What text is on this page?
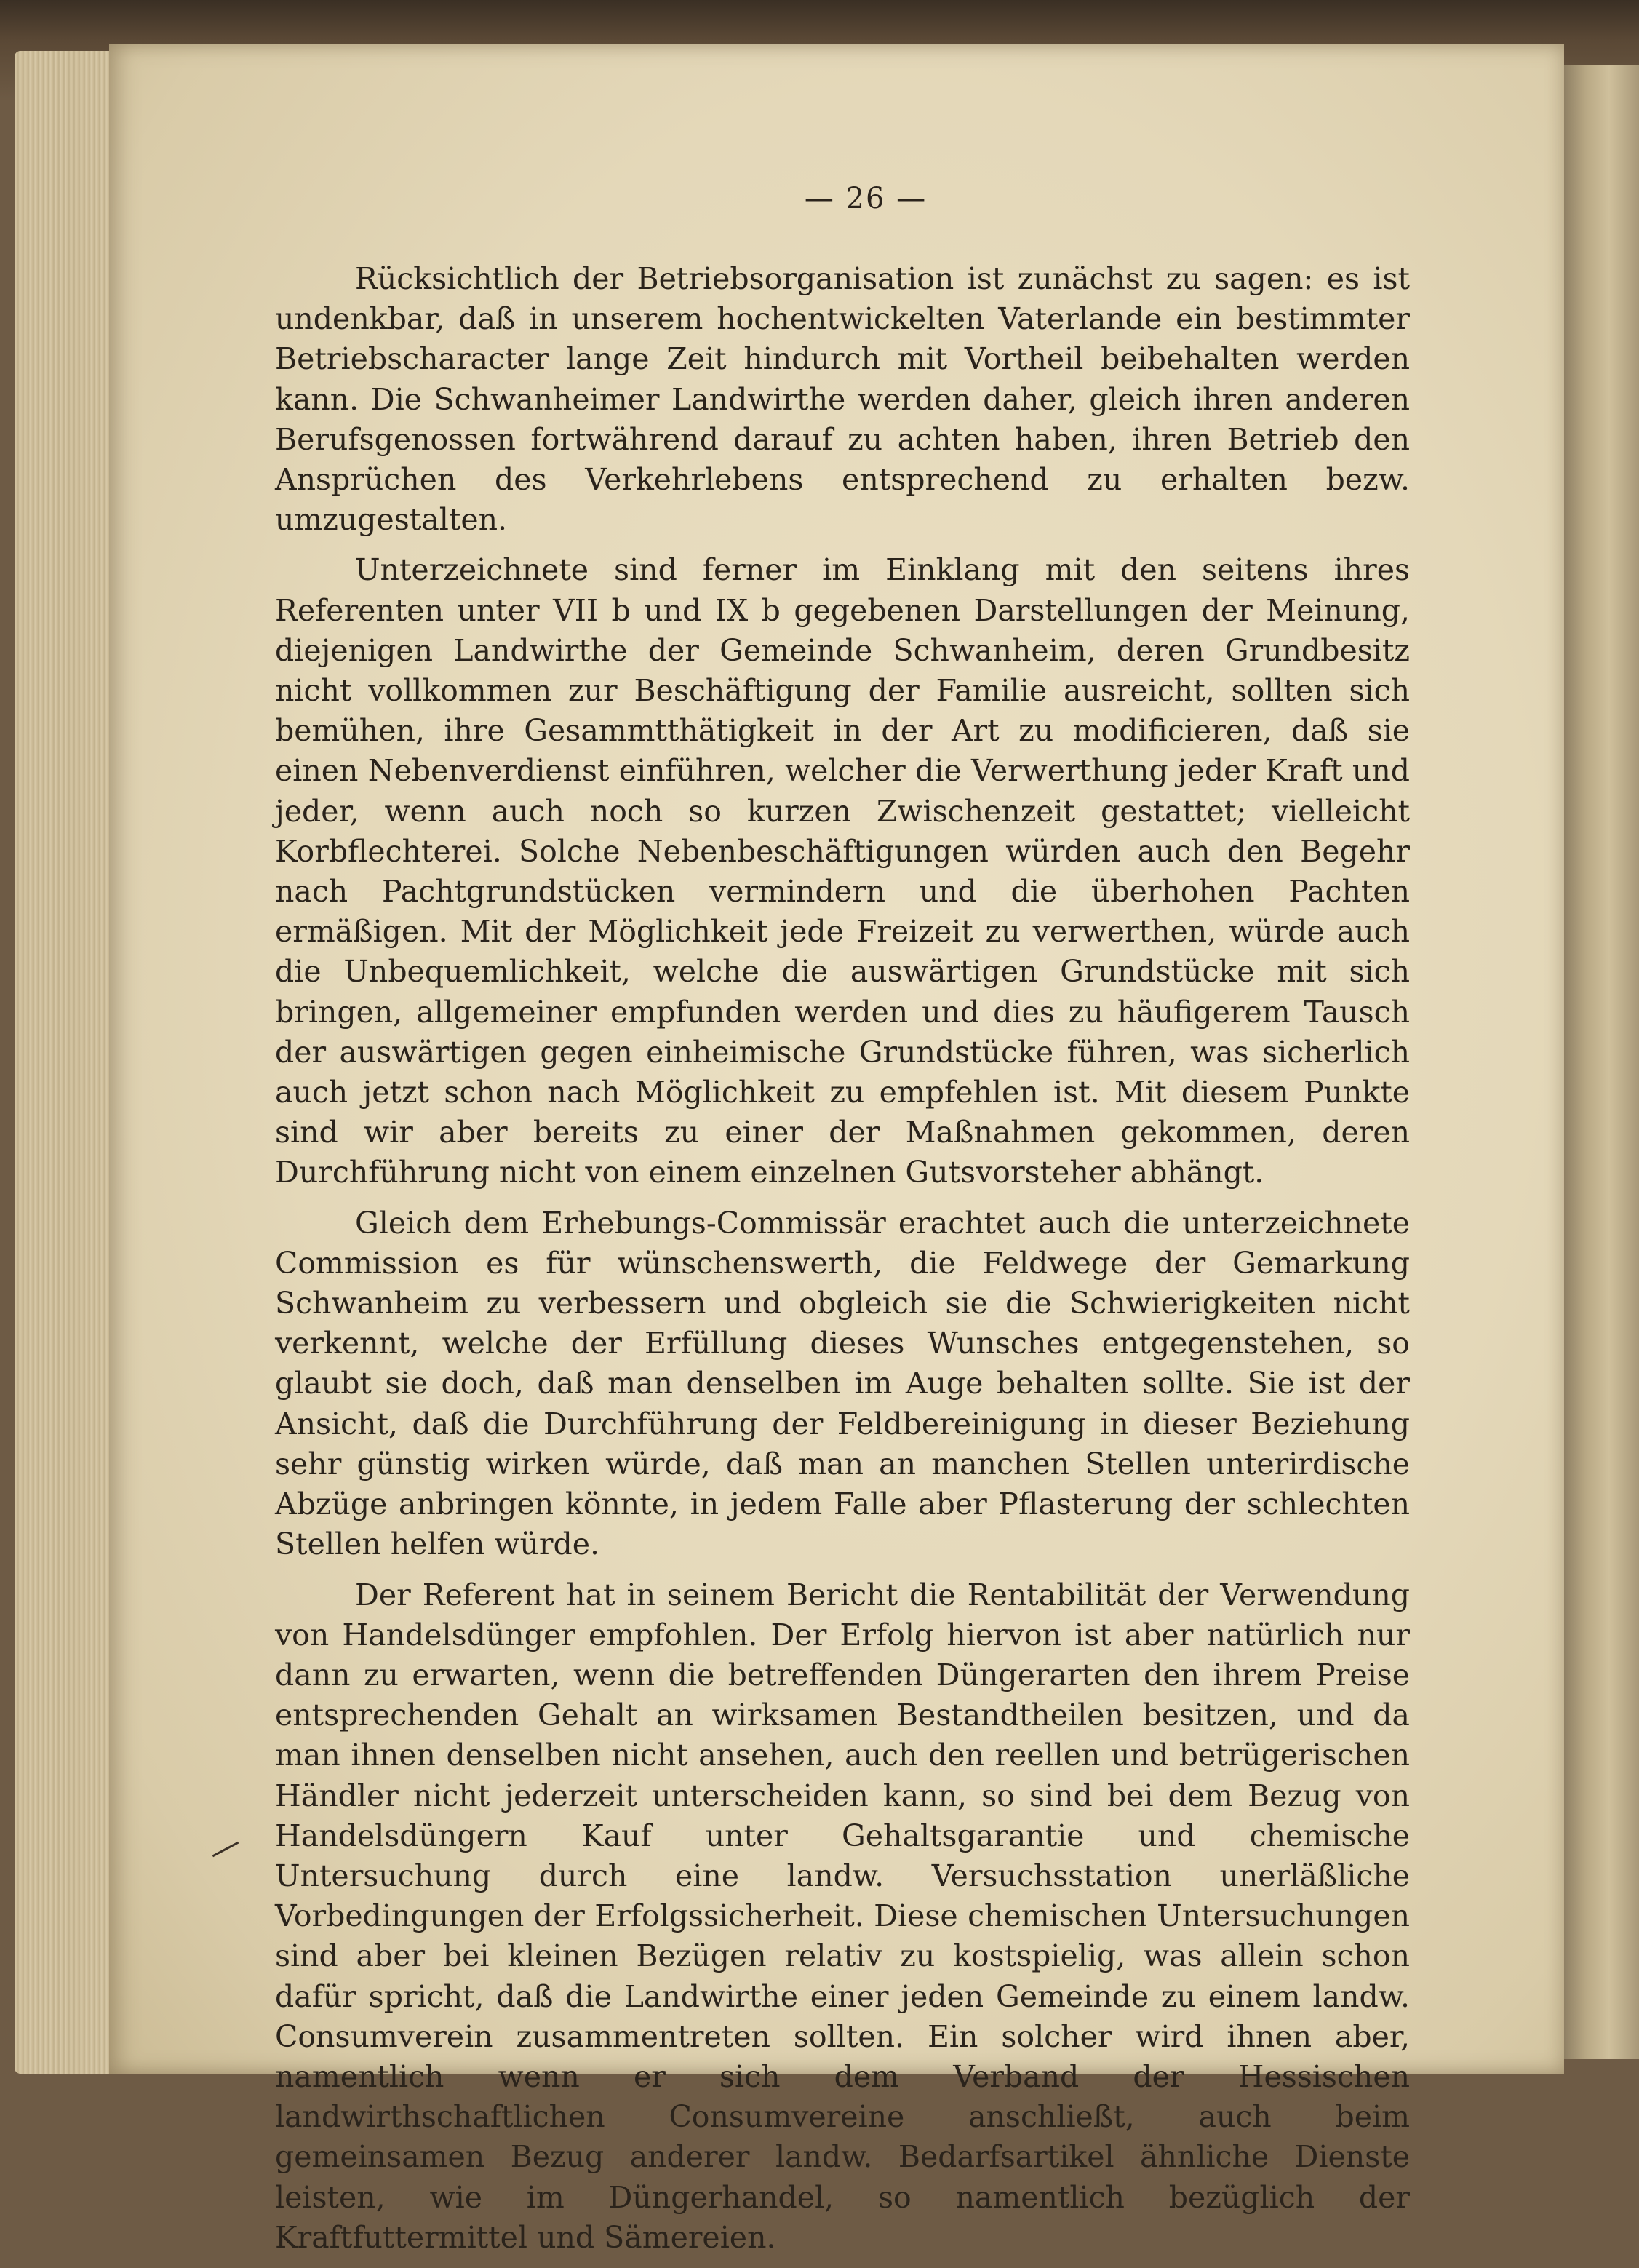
— 26 —

Rücksichtlich der Betriebsorganisation ist zunächst zu sagen: es ist undenkbar, daß in unserem hochentwickelten Vaterlande ein bestimmter Betriebscharacter lange Zeit hindurch mit Vortheil beibehalten werden kann. Die Schwanheimer Landwirthe werden daher, gleich ihren anderen Berufsgenossen fortwährend darauf zu achten haben, ihren Betrieb den Ansprüchen des Verkehrlebens entsprechend zu erhalten bezw. umzugestalten.

Unterzeichnete sind ferner im Einklang mit den seitens ihres Referenten unter VII b und IX b gegebenen Darstellungen der Meinung, diejenigen Landwirthe der Gemeinde Schwanheim, deren Grundbesitz nicht vollkommen zur Beschäftigung der Familie ausreicht, sollten sich bemühen, ihre Gesammtthätigkeit in der Art zu modificieren, daß sie einen Nebenverdienst einführen, welcher die Verwerthung jeder Kraft und jeder, wenn auch noch so kurzen Zwischenzeit gestattet; vielleicht Korbflechterei. Solche Nebenbeschäftigungen würden auch den Begehr nach Pachtgrundstücken vermindern und die überhohen Pachten ermäßigen. Mit der Möglichkeit jede Freizeit zu verwerthen, würde auch die Unbequemlichkeit, welche die auswärtigen Grundstücke mit sich bringen, allgemeiner empfunden werden und dies zu häufigerem Tausch der auswärtigen gegen einheimische Grundstücke führen, was sicherlich auch jetzt schon nach Möglichkeit zu empfehlen ist. Mit diesem Punkte sind wir aber bereits zu einer der Maßnahmen gekommen, deren Durchführung nicht von einem einzelnen Gutsvorsteher abhängt.

Gleich dem Erhebungs-Commissär erachtet auch die unterzeichnete Commission es für wünschenswerth, die Feldwege der Gemarkung Schwanheim zu verbessern und obgleich sie die Schwierigkeiten nicht verkennt, welche der Erfüllung dieses Wunsches entgegenstehen, so glaubt sie doch, daß man denselben im Auge behalten sollte. Sie ist der Ansicht, daß die Durchführung der Feldbereinigung in dieser Beziehung sehr günstig wirken würde, daß man an manchen Stellen unterirdische Abzüge anbringen könnte, in jedem Falle aber Pflasterung der schlechten Stellen helfen würde.

Der Referent hat in seinem Bericht die Rentabilität der Verwendung von Handelsdünger empfohlen. Der Erfolg hiervon ist aber natürlich nur dann zu erwarten, wenn die betreffenden Düngerarten den ihrem Preise entsprechenden Gehalt an wirksamen Bestandtheilen besitzen, und da man ihnen denselben nicht ansehen, auch den reellen und betrügerischen Händler nicht jederzeit unterscheiden kann, so sind bei dem Bezug von Handelsdüngern Kauf unter Gehaltsgarantie und chemische Untersuchung durch eine landw. Versuchsstation unerläßliche Vorbedingungen der Erfolgssicherheit. Diese chemischen Untersuchungen sind aber bei kleinen Bezügen relativ zu kostspielig, was allein schon dafür spricht, daß die Landwirthe einer jeden Gemeinde zu einem landw. Consumverein zusammentreten sollten. Ein solcher wird ihnen aber, namentlich wenn er sich dem Verband der Hessischen landwirthschaftlichen Consumvereine anschließt, auch beim gemeinsamen Bezug anderer landw. Bedarfsartikel ähnliche Dienste leisten, wie im Düngerhandel, so namentlich bezüglich der Kraftfuttermittel und Sämereien.
